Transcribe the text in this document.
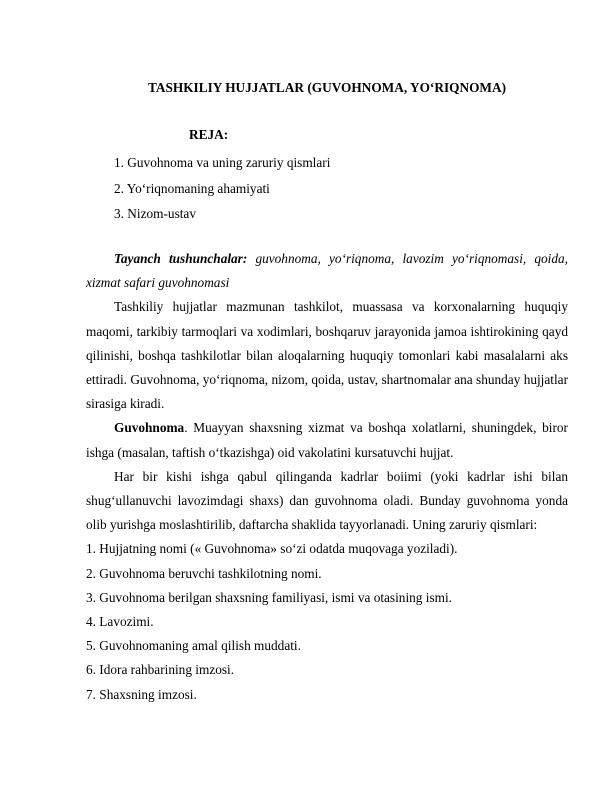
TASHKILIY HUJJATLAR (GUVOHNOMA, YO‘RIQNOMA)
REJA:
1. Guvohnoma va uning zaruriy qismlari
2. Yo‘riqnomaning ahamiyati
3. Nizom-ustav

Tayanch tushunchalar: guvohnoma, yo‘riqnoma, lavozim yo‘riqnomasi, qoida, xizmat safari guvohnomasi

Tashkiliy hujjatlar mazmunan tashkilot, muassasa va korxonalarning huquqiy maqomi, tarkibiy tarmoqlari va xodimlari, boshqaruv jarayonida jamoa ishtirokining qayd qilinishi, boshqa tashkilotlar bilan aloqalarning huquqiy tomonlari kabi masalalarni aks ettiradi. Guvohnoma, yo‘riqnoma, nizom, qoida, ustav, shartnomalar ana shunday hujjatlar sirasiga kiradi.

Guvohnoma. Muayyan shaxsning xizmat va boshqa xolatlarni, shuningdek, biror ishga (masalan, taftish o‘tkazishga) oid vakolatini kursatuvchi hujjat.

Har bir kishi ishga qabul qilinganda kadrlar boiimi (yoki kadrlar ishi bilan shug‘ullanuvchi lavozimdagi shaxs) dan guvohnoma oladi. Bunday guvohnoma yonda olib yurishga moslashtirilib, daftarcha shaklida tayyorlanadi. Uning zaruriy qismlari:

1. Hujjatning nomi (« Guvohnoma» so‘zi odatda muqovaga yoziladi).
2. Guvohnoma beruvchi tashkilotning nomi.
3. Guvohnoma berilgan shaxsning familiyasi, ismi va otasining ismi.
4. Lavozimi.
5. Guvohnomaning amal qilish muddati.
6. Idora rahbarining imzosi.
7. Shaxsning imzosi.
